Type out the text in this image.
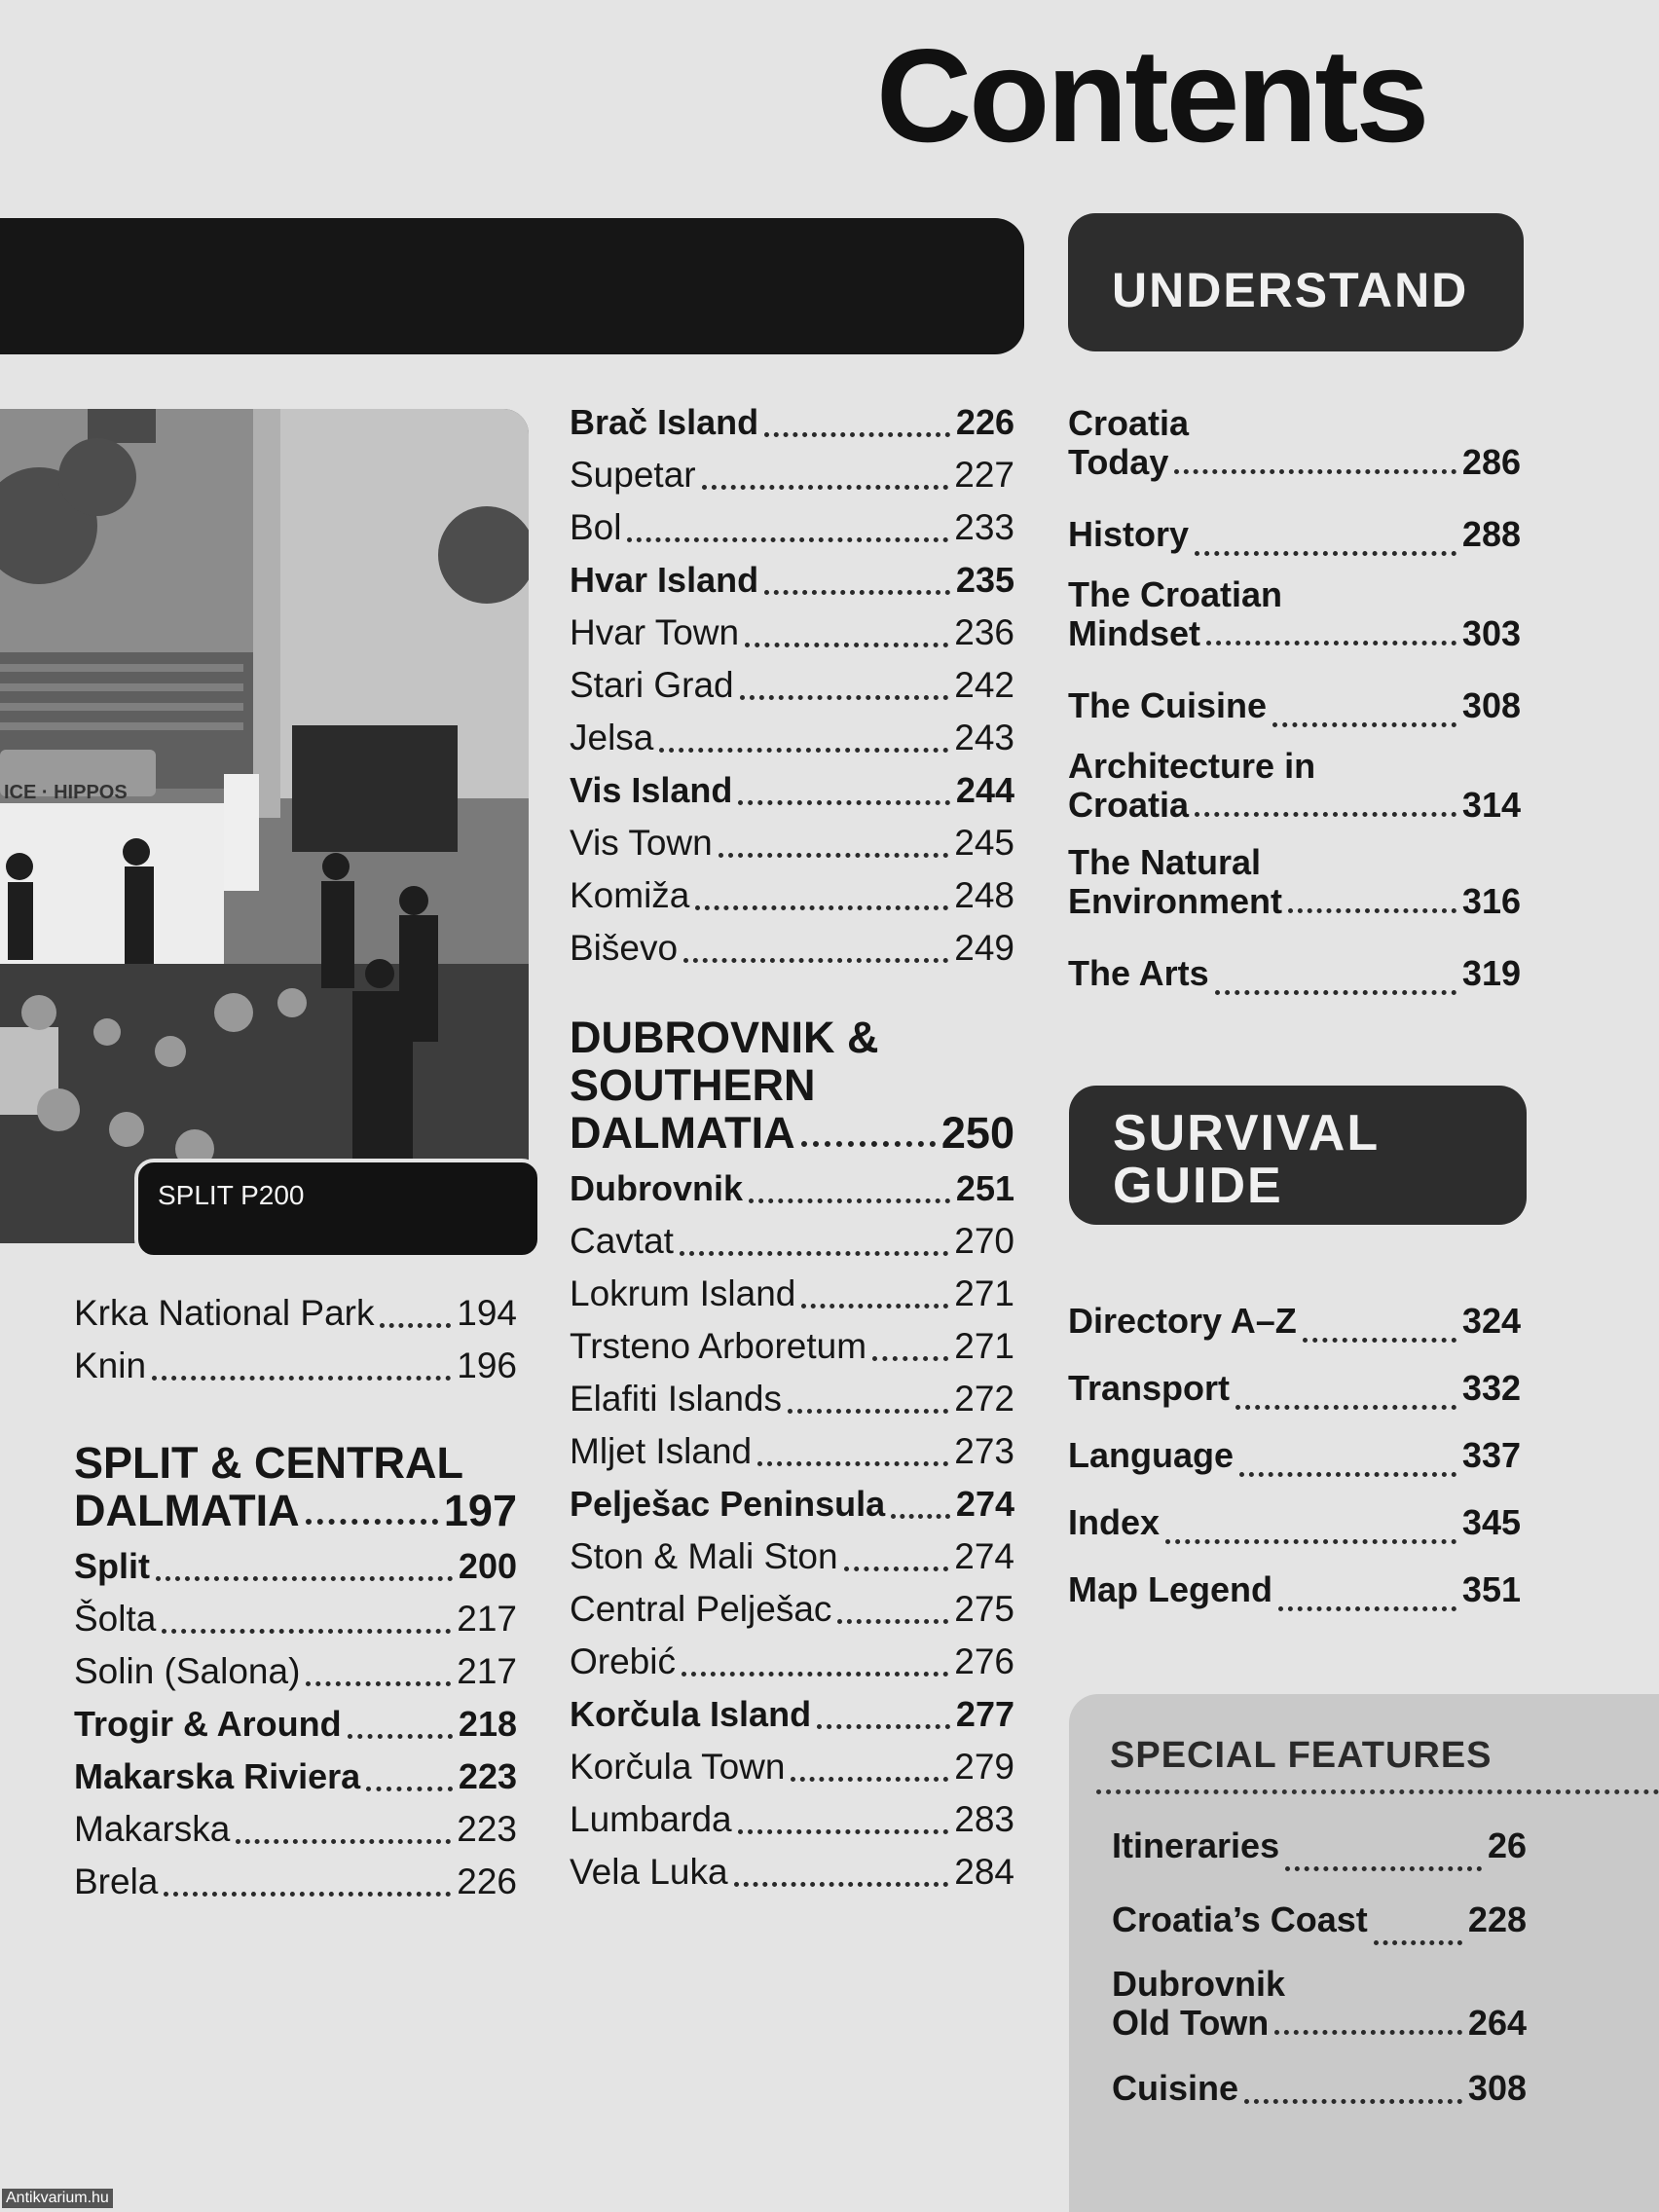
Contents
UNDERSTAND
SURVIVAL GUIDE
ICE · HIPPOS
SPLIT P200
Krka National Park 194
Knin	196
SPLIT & CENTRAL
DALMATIA	197
Split	200
Šolta	217
Solin (Salona)	217
Trogir & Around	218
Makarska Riviera	223
Makarska	223
Brela	226
Brač Island	226
Supetar	227
Bol	233
Hvar Island	235
Hvar Town	236
Stari Grad	242
Jelsa	243
Vis Island	244
Vis Town	245
Komiža	248
Biševo	249
DUBROVNIK &
SOUTHERN
DALMATIA	250
Dubrovnik	251
Cavtat	270
Lokrum Island	271
Trsteno Arboretum 271
Elafiti Islands	272
Mljet Island	273
Pelješac Peninsula 274
Ston & Mali Ston	274
Central Pelješac	275
Orebić	276
Korčula Island	277
Korčula Town	279
Lumbarda	283
Vela Luka	284
Croatia
Today	286
History	288
The Croatian
Mindset	303
The Cuisine	308
Architecture in
Croatia	314
The Natural
Environment	316
The Arts	319
Directory A–Z	324
Transport	332
Language	337
Index	345
Map Legend	351
SPECIAL FEATURES
Itineraries	26
Croatia’s Coast	228
Dubrovnik
Old Town	264
Cuisine	308
Antikvarium.hu
